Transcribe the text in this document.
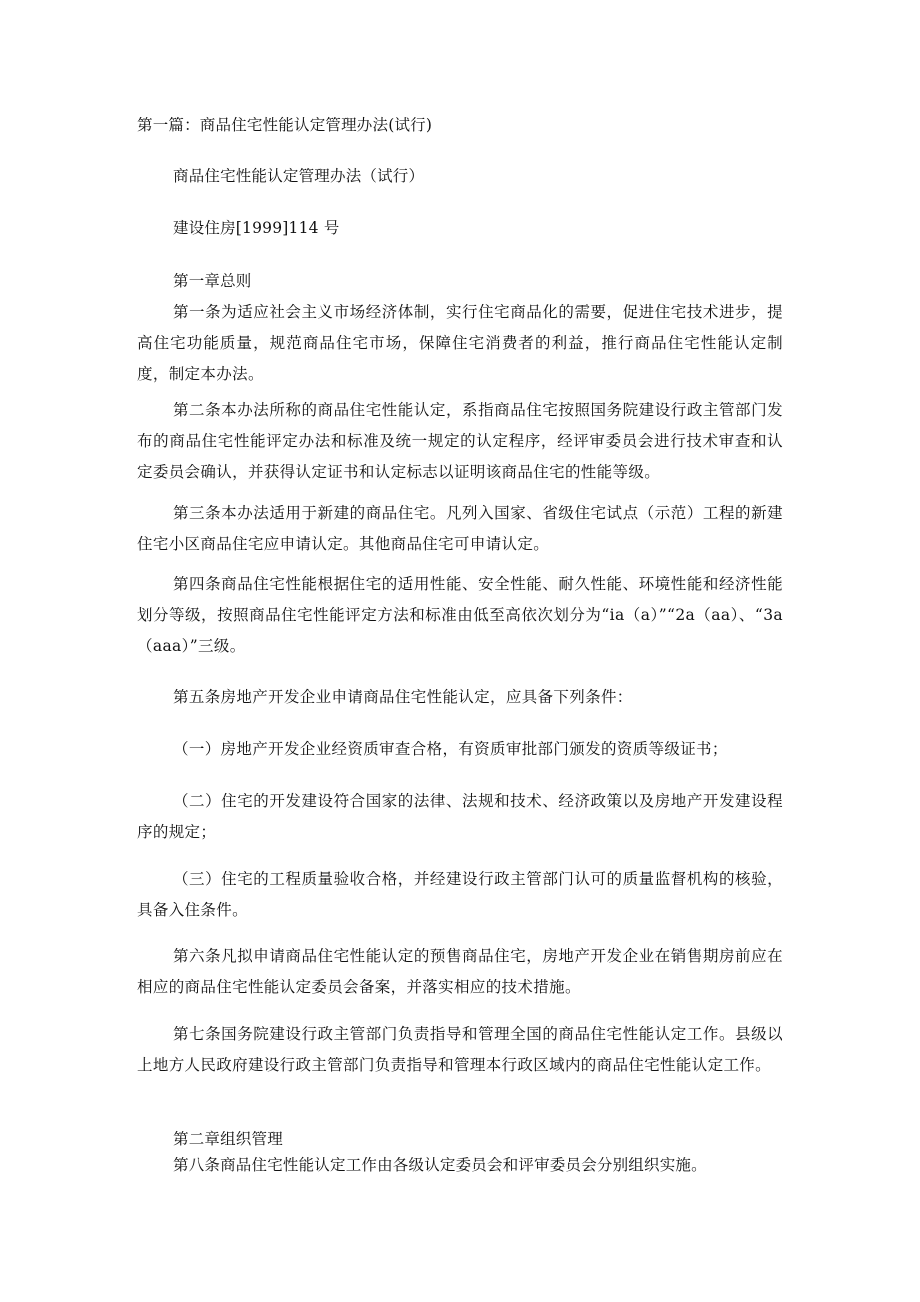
第一篇：商品住宅性能认定管理办法(试行)
商品住宅性能认定管理办法（试行）
建设住房[1999]114 号
第一章总则
第一条为适应社会主义市场经济体制，实行住宅商品化的需要，促进住宅技术进步，提高住宅功能质量，规范商品住宅市场，保障住宅消费者的利益，推行商品住宅性能认定制度，制定本办法。
第二条本办法所称的商品住宅性能认定，系指商品住宅按照国务院建设行政主管部门发布的商品住宅性能评定办法和标准及统一规定的认定程序，经评审委员会进行技术审查和认定委员会确认，并获得认定证书和认定标志以证明该商品住宅的性能等级。
第三条本办法适用于新建的商品住宅。凡列入国家、省级住宅试点（示范）工程的新建住宅小区商品住宅应申请认定。其他商品住宅可申请认定。
第四条商品住宅性能根据住宅的适用性能、安全性能、耐久性能、环境性能和经济性能划分等级，按照商品住宅性能评定方法和标准由低至高依次划分为“ia（a）”“2a（aa）、“3a（aaa）”三级。
第五条房地产开发企业申请商品住宅性能认定，应具备下列条件：
（一）房地产开发企业经资质审查合格，有资质审批部门颁发的资质等级证书；
（二）住宅的开发建设符合国家的法律、法规和技术、经济政策以及房地产开发建设程序的规定；
（三）住宅的工程质量验收合格，并经建设行政主管部门认可的质量监督机构的核验，具备入住条件。
第六条凡拟申请商品住宅性能认定的预售商品住宅，房地产开发企业在销售期房前应在相应的商品住宅性能认定委员会备案，并落实相应的技术措施。
第七条国务院建设行政主管部门负责指导和管理全国的商品住宅性能认定工作。县级以上地方人民政府建设行政主管部门负责指导和管理本行政区域内的商品住宅性能认定工作。
第二章组织管理
第八条商品住宅性能认定工作由各级认定委员会和评审委员会分别组织实施。
